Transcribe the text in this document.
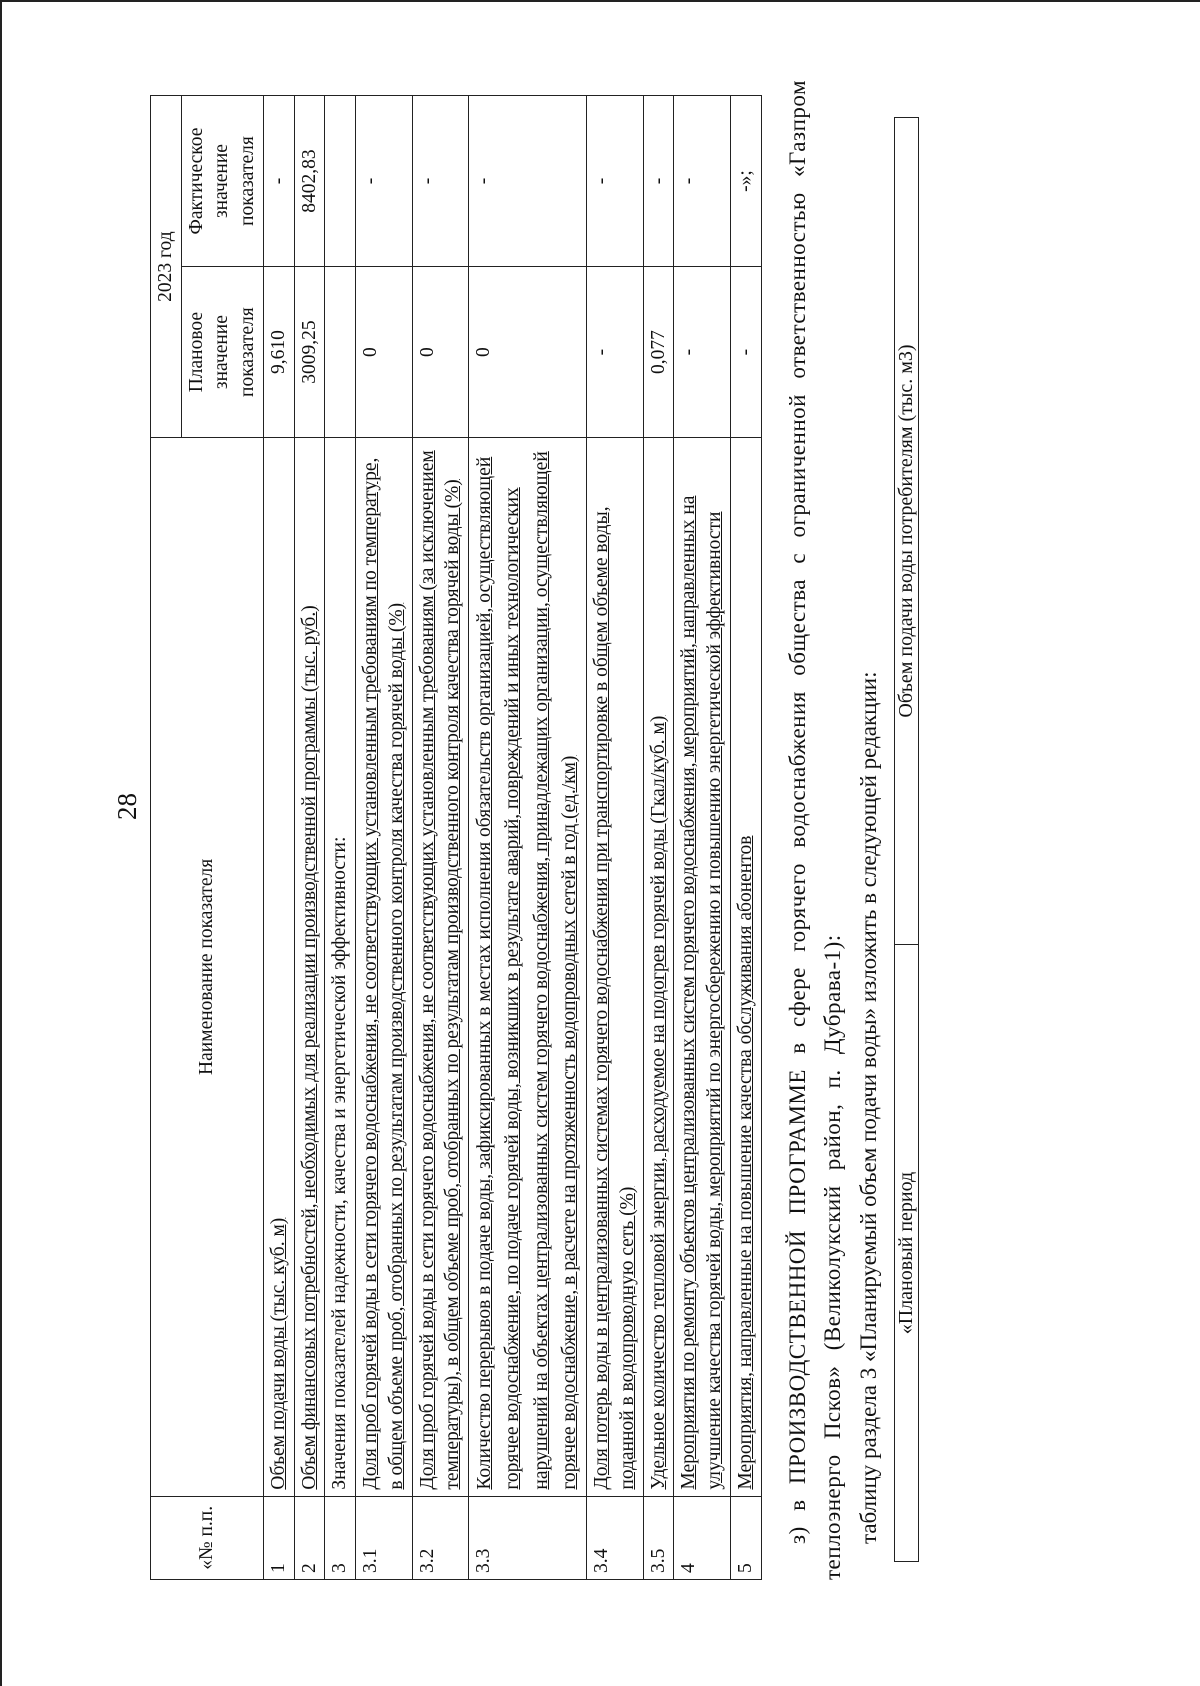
28
«№ п.п.	Наименование показателя	2023 год	
		Плановое значение показателя	Фактическое значение показателя
1	Объем подачи воды (тыс. куб. м)	9,610	-
2	Объем финансовых потребностей, необходимых для реализации производственной программы (тыс. руб.)	3009,25	8402,83
3	Значения показателей надежности, качества и энергетической эффективности:		
3.1	Доля проб горячей воды в сети горячего водоснабжения, не соответствующих установленным требованиям по температуре, в общем объеме проб, отобранных по результатам производственного контроля качества горячей воды (%)	0	-
3.2	Доля проб горячей воды в сети горячего водоснабжения, не соответствующих установленным требованиям (за исключением температуры), в общем объеме проб, отобранных по результатам производственного контроля качества горячей воды (%)	0	-
3.3	Количество перерывов в подаче воды, зафиксированных в местах исполнения обязательств организацией, осуществляющей горячее водоснабжение, по подаче горячей воды, возникших в результате аварий, повреждений и иных технологических нарушений на объектах централизованных систем горячего водоснабжения, принадлежащих организации, осуществляющей горячее водоснабжение, в расчете на протяженность водопроводных сетей в год (ед./км)	0	-
3.4	Доля потерь воды в централизованных системах горячего водоснабжения при транспортировке в общем объеме воды, поданной в водопроводную сеть (%)	-	-
3.5	Удельное количество тепловой энергии, расходуемое на подогрев горячей воды (Гкал/куб. м)	0,077	-
4	Мероприятия по ремонту объектов централизованных систем горячего водоснабжения, мероприятий, направленных на улучшение качества горячей воды, мероприятий по энергосбережению и повышению энергетической эффективности	-	-
5	Мероприятия, направленные на повышение качества обслуживания абонентов	-	-»; з) в ПРОИЗВОДСТВЕННОЙ ПРОГРАММЕ в сфере горячего водоснабжения общества с ограниченной ответственностью «Газпром теплоэнерго Псков» (Великолукский район, п. Дубрава-1): таблицу раздела 3 «Планируемый объем подачи воды» изложить в следующей редакции: «Плановый период	Объем подачи воды потребителям (тыс. м3)
